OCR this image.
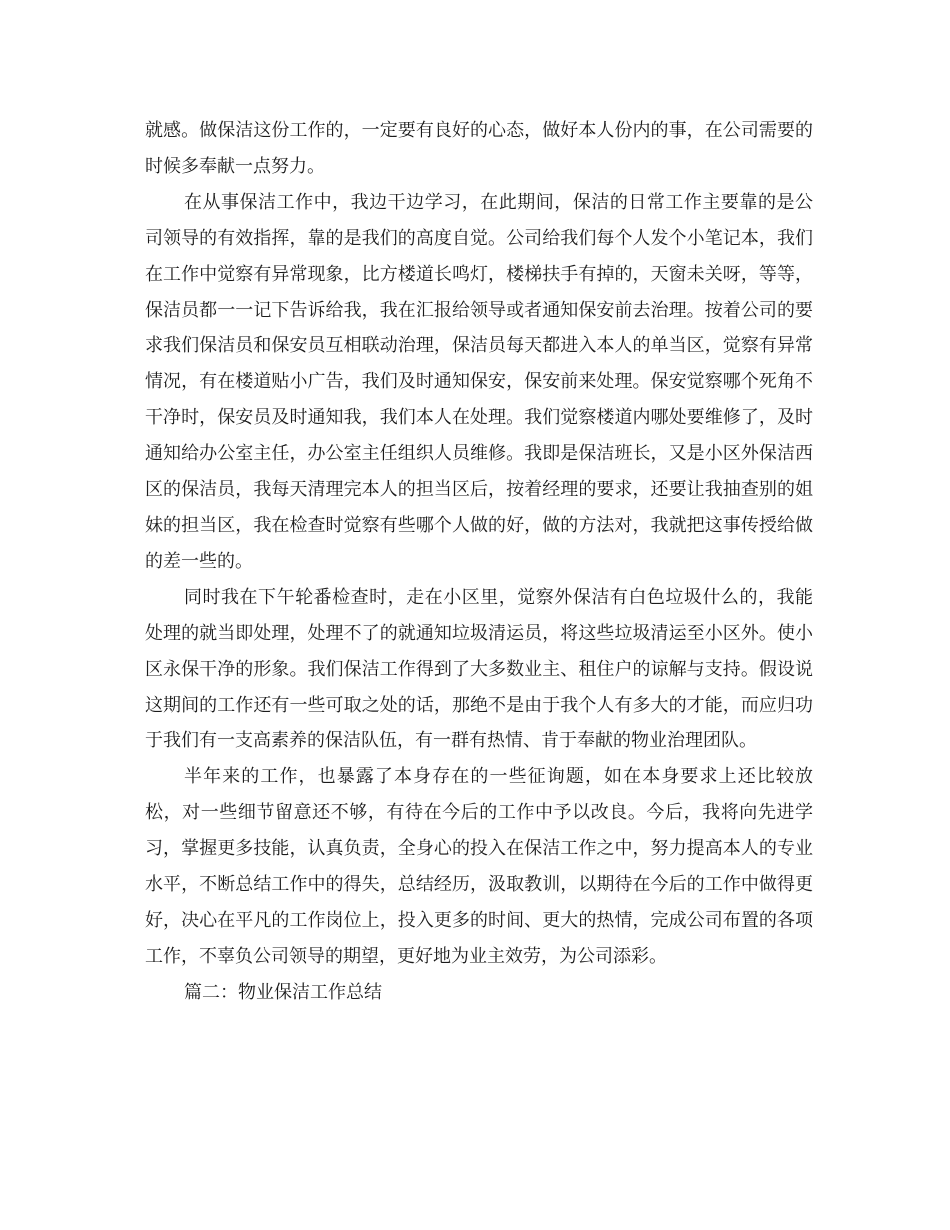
就感。做保洁这份工作的，一定要有良好的心态，做好本人份内的事，在公司需要的时候多奉献一点努力。

在从事保洁工作中，我边干边学习，在此期间，保洁的日常工作主要靠的是公司领导的有效指挥，靠的是我们的高度自觉。公司给我们每个人发个小笔记本，我们在工作中觉察有异常现象，比方楼道长鸣灯，楼梯扶手有掉的，天窗未关呀，等等，保洁员都一一记下告诉给我，我在汇报给领导或者通知保安前去治理。按着公司的要求我们保洁员和保安员互相联动治理，保洁员每天都进入本人的单当区，觉察有异常情况，有在楼道贴小广告，我们及时通知保安，保安前来处理。保安觉察哪个死角不干净时，保安员及时通知我，我们本人在处理。我们觉察楼道内哪处要维修了，及时通知给办公室主任，办公室主任组织人员维修。我即是保洁班长，又是小区外保洁西区的保洁员，我每天清理完本人的担当区后，按着经理的要求，还要让我抽查别的姐妹的担当区，我在检查时觉察有些哪个人做的好，做的方法对，我就把这事传授给做的差一些的。

同时我在下午轮番检查时，走在小区里，觉察外保洁有白色垃圾什么的，我能处理的就当即处理，处理不了的就通知垃圾清运员，将这些垃圾清运至小区外。使小区永保干净的形象。我们保洁工作得到了大多数业主、租住户的谅解与支持。假设说这期间的工作还有一些可取之处的话，那绝不是由于我个人有多大的才能，而应归功于我们有一支高素养的保洁队伍，有一群有热情、肯于奉献的物业治理团队。

半年来的工作，也暴露了本身存在的一些征询题，如在本身要求上还比较放松，对一些细节留意还不够，有待在今后的工作中予以改良。今后，我将向先进学习，掌握更多技能，认真负责，全身心的投入在保洁工作之中，努力提高本人的专业水平，不断总结工作中的得失，总结经历，汲取教训，以期待在今后的工作中做得更好，决心在平凡的工作岗位上，投入更多的时间、更大的热情，完成公司布置的各项工作，不辜负公司领导的期望，更好地为业主效劳，为公司添彩。

篇二：物业保洁工作总结
